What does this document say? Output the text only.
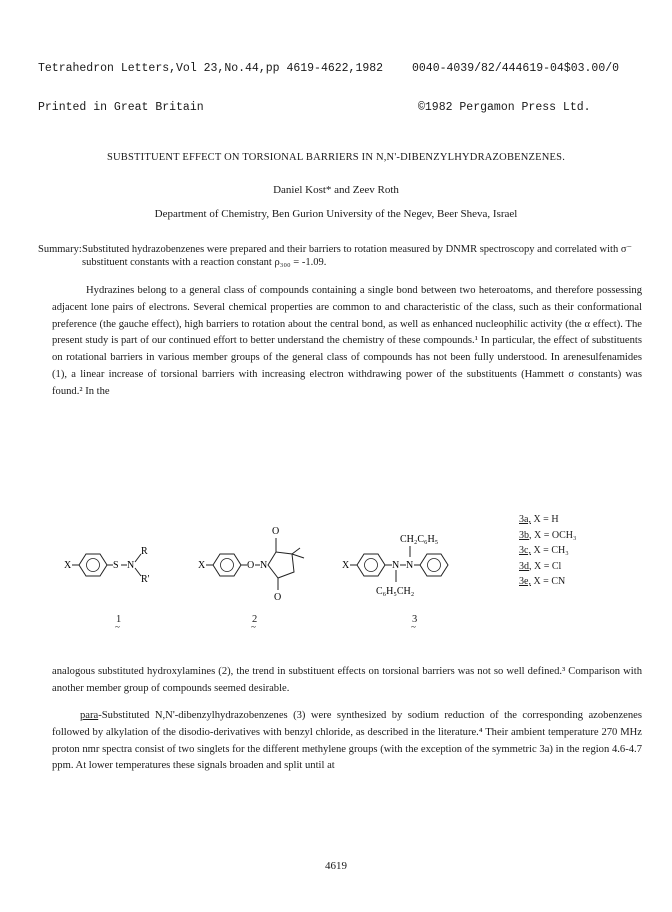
Tetrahedron Letters,Vol 23,No.44,pp 4619-4622,1982

Printed in Great Britain

0040-4039/82/444619-04$03.00/0

©1982 Pergamon Press Ltd.

SUBSTITUENT EFFECT ON TORSIONAL BARRIERS IN N,N'-DIBENZYLHYDRAZOBENZENES.
Daniel Kost* and Zeev Roth
Department of Chemistry, Ben Gurion University of the Negev, Beer Sheva, Israel
Summary: Substituted hydrazobenzenes were prepared and their barriers to rotation measured by DNMR spectroscopy and correlated with σ⁻ substituent constants with a reaction constant ρ₃₀₀ = -1.09.
Hydrazines belong to a general class of compounds containing a single bond between two heteroatoms, and therefore possessing adjacent lone pairs of electrons. Several chemical properties are common to and characteristic of the class, such as their conformational preference (the gauche effect), high barriers to rotation about the central bond, as well as enhanced nucleophilic activity (the α effect). The present study is part of our continued effort to better understand the chemistry of these compounds.¹ In particular, the effect of substituents on rotational barriers in various member groups of the general class of compounds has not been fully understood. In arenesulfenamides (1), a linear increase of torsional barriers with increasing electron withdrawing power of the substituents (Hammett σ constants) was found.² In the
X	S N
R
R'
1
~
X	O N
O
O
2
~
X	N N
CH₂C₆H₅
C₆H₅CH₂
3
~
3a, X = H
3b, X = OCH₃
3c, X = CH₃
3d, X = Cl
3e, X = CN
analogous substituted hydroxylamines (2), the trend in substituent effects on torsional barriers was not so well defined.³ Comparison with another member group of compounds seemed desirable.
para-Substituted N,N'-dibenzylhydrazobenzenes (3) were synthesized by sodium reduction of the corresponding azobenzenes followed by alkylation of the disodio-derivatives with benzyl chloride, as described in the literature.⁴ Their ambient temperature 270 MHz proton nmr spectra consist of two singlets for the different methylene groups (with the exception of the symmetric 3a) in the region 4.6-4.7 ppm. At lower temperatures these signals broaden and split until at
4619
